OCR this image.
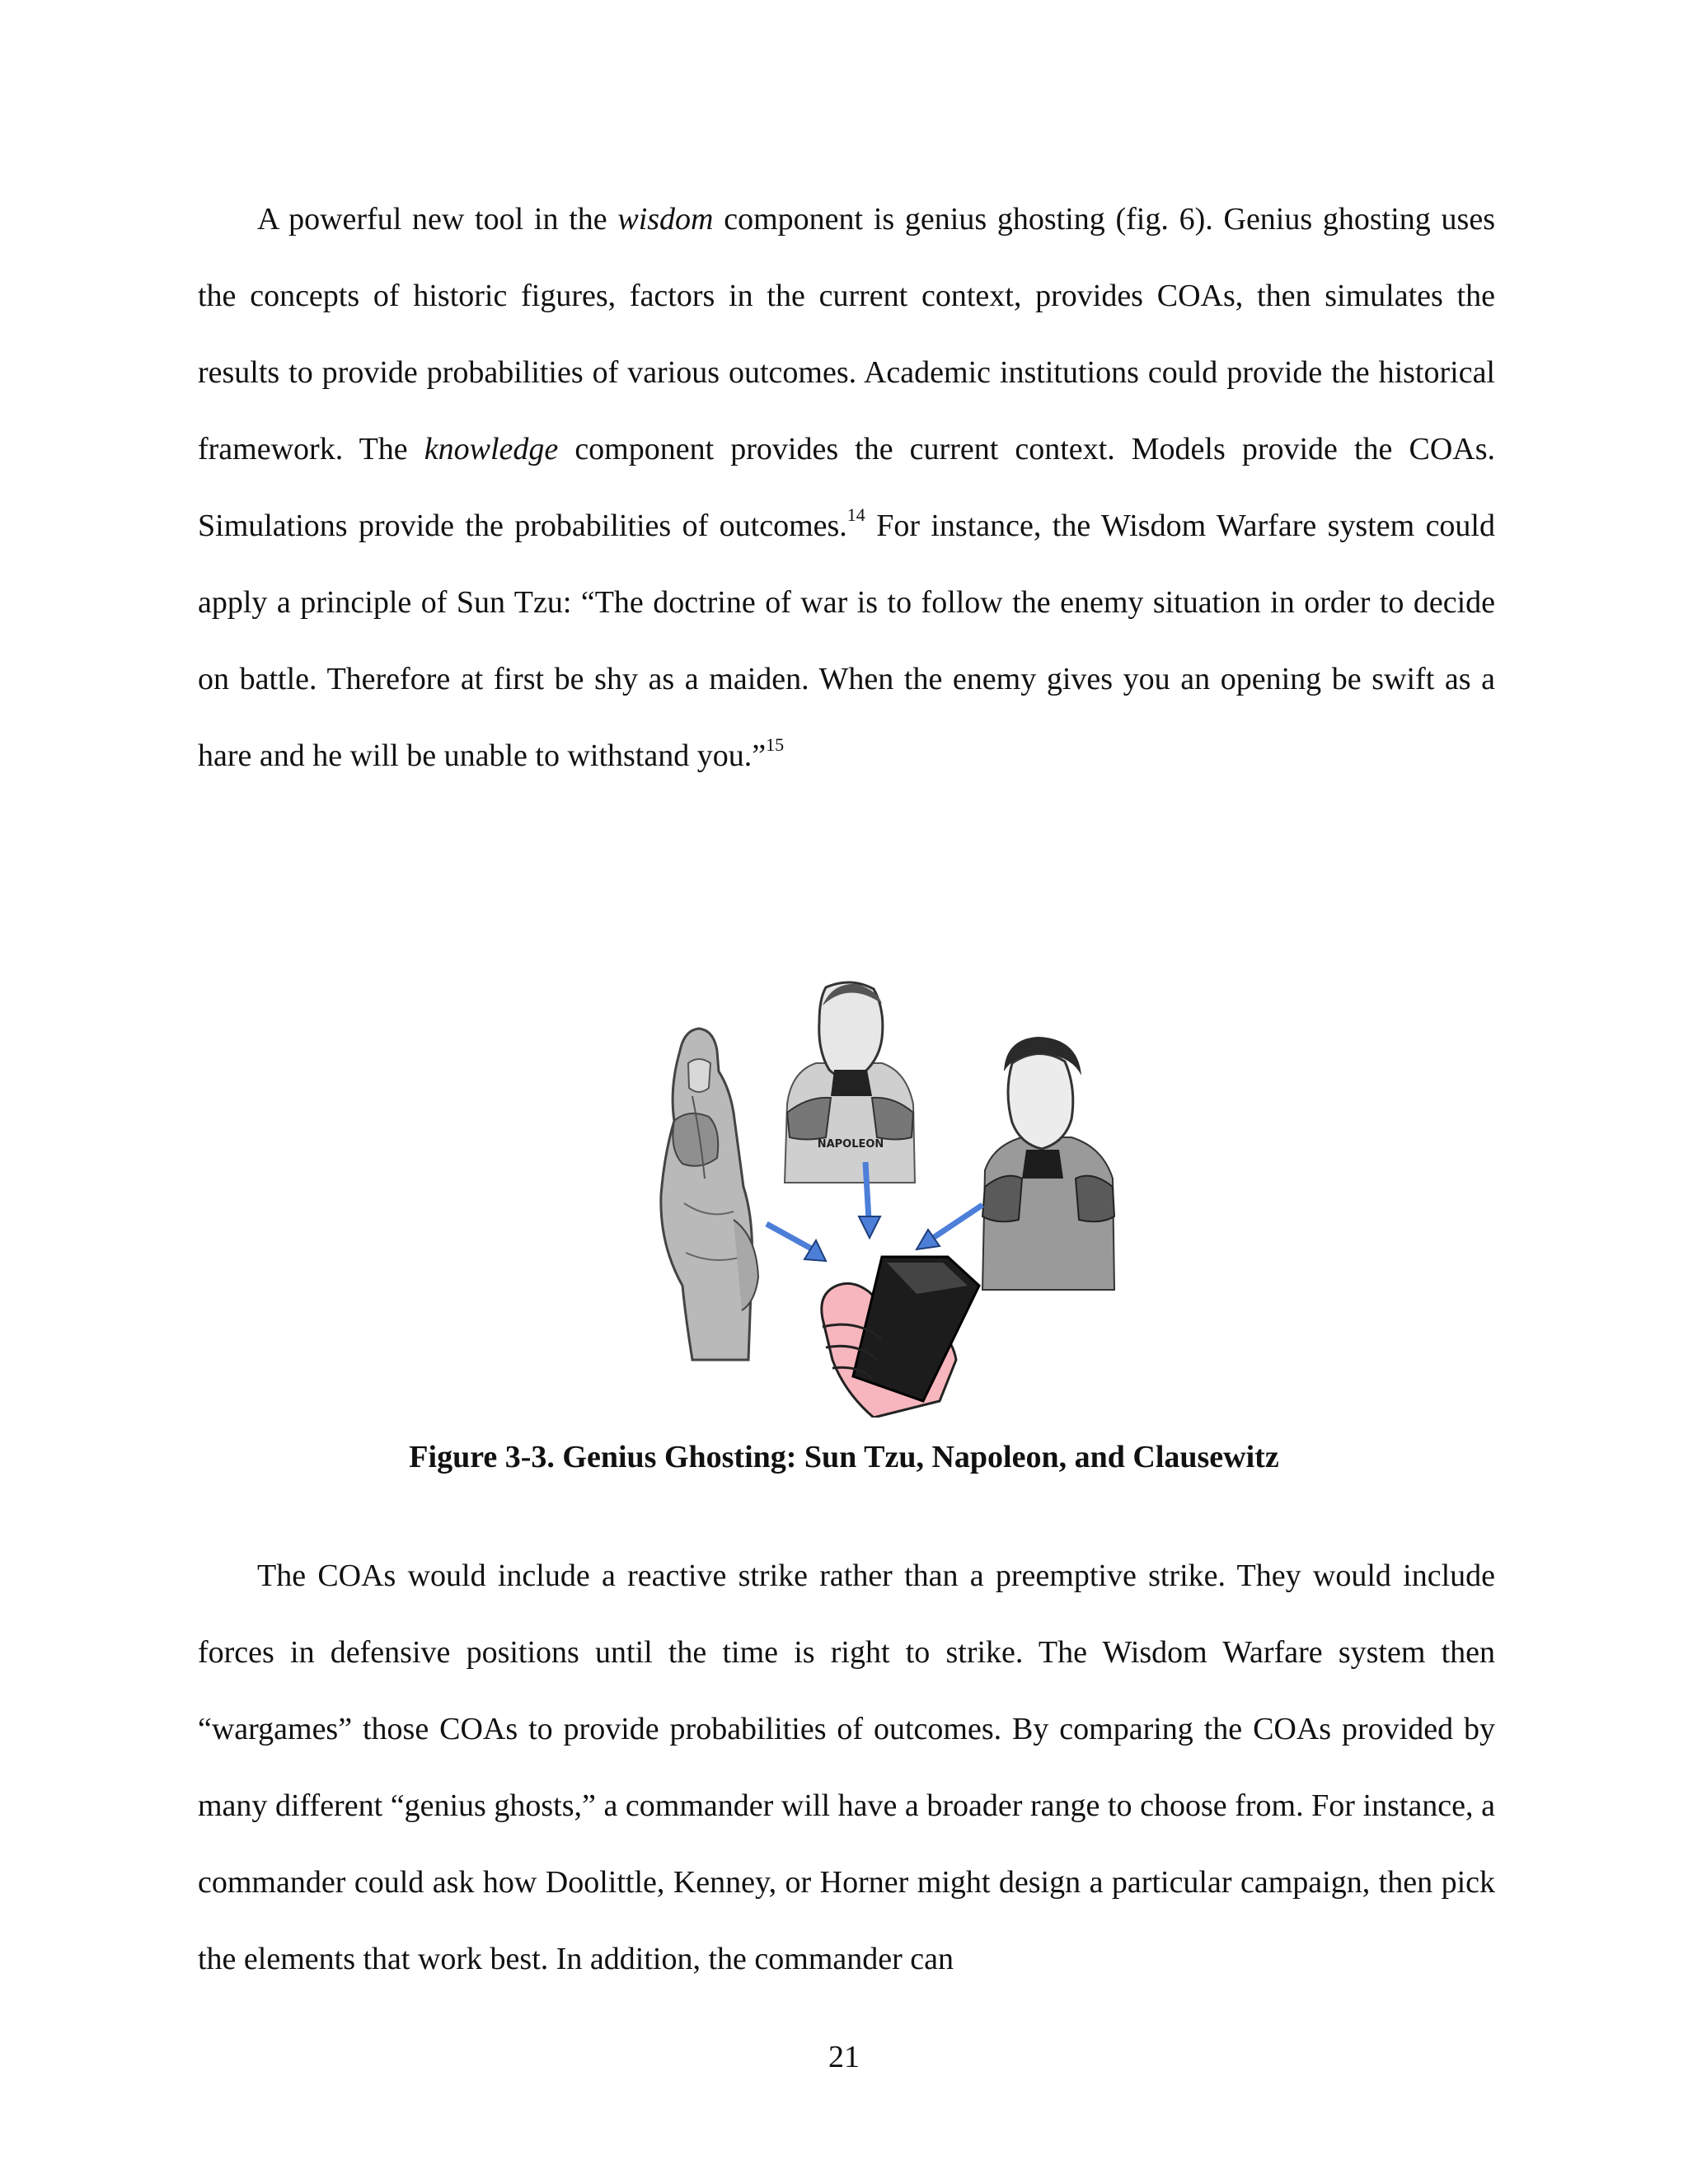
A powerful new tool in the wisdom component is genius ghosting (fig. 6). Genius ghosting uses the concepts of historic figures, factors in the current context, provides COAs, then simulates the results to provide probabilities of various outcomes. Academic institutions could provide the historical framework. The knowledge component provides the current context. Models provide the COAs. Simulations provide the probabilities of outcomes.$^{14}$ For instance, the Wisdom Warfare system could apply a principle of Sun Tzu: “The doctrine of war is to follow the enemy situation in order to decide on battle. Therefore at first be shy as a maiden. When the enemy gives you an opening be swift as a hare and he will be unable to withstand you.”$^{15}$

NAPOLEON

Figure 3-3. Genius Ghosting: Sun Tzu, Napoleon, and Clausewitz

The COAs would include a reactive strike rather than a preemptive strike. They would include forces in defensive positions until the time is right to strike. The Wisdom Warfare system then “wargames” those COAs to provide probabilities of outcomes. By comparing the COAs provided by many different “genius ghosts,” a commander will have a broader range to choose from. For instance, a commander could ask how Doolittle, Kenney, or Horner might design a particular campaign, then pick the elements that work best. In addition, the commander can

21
